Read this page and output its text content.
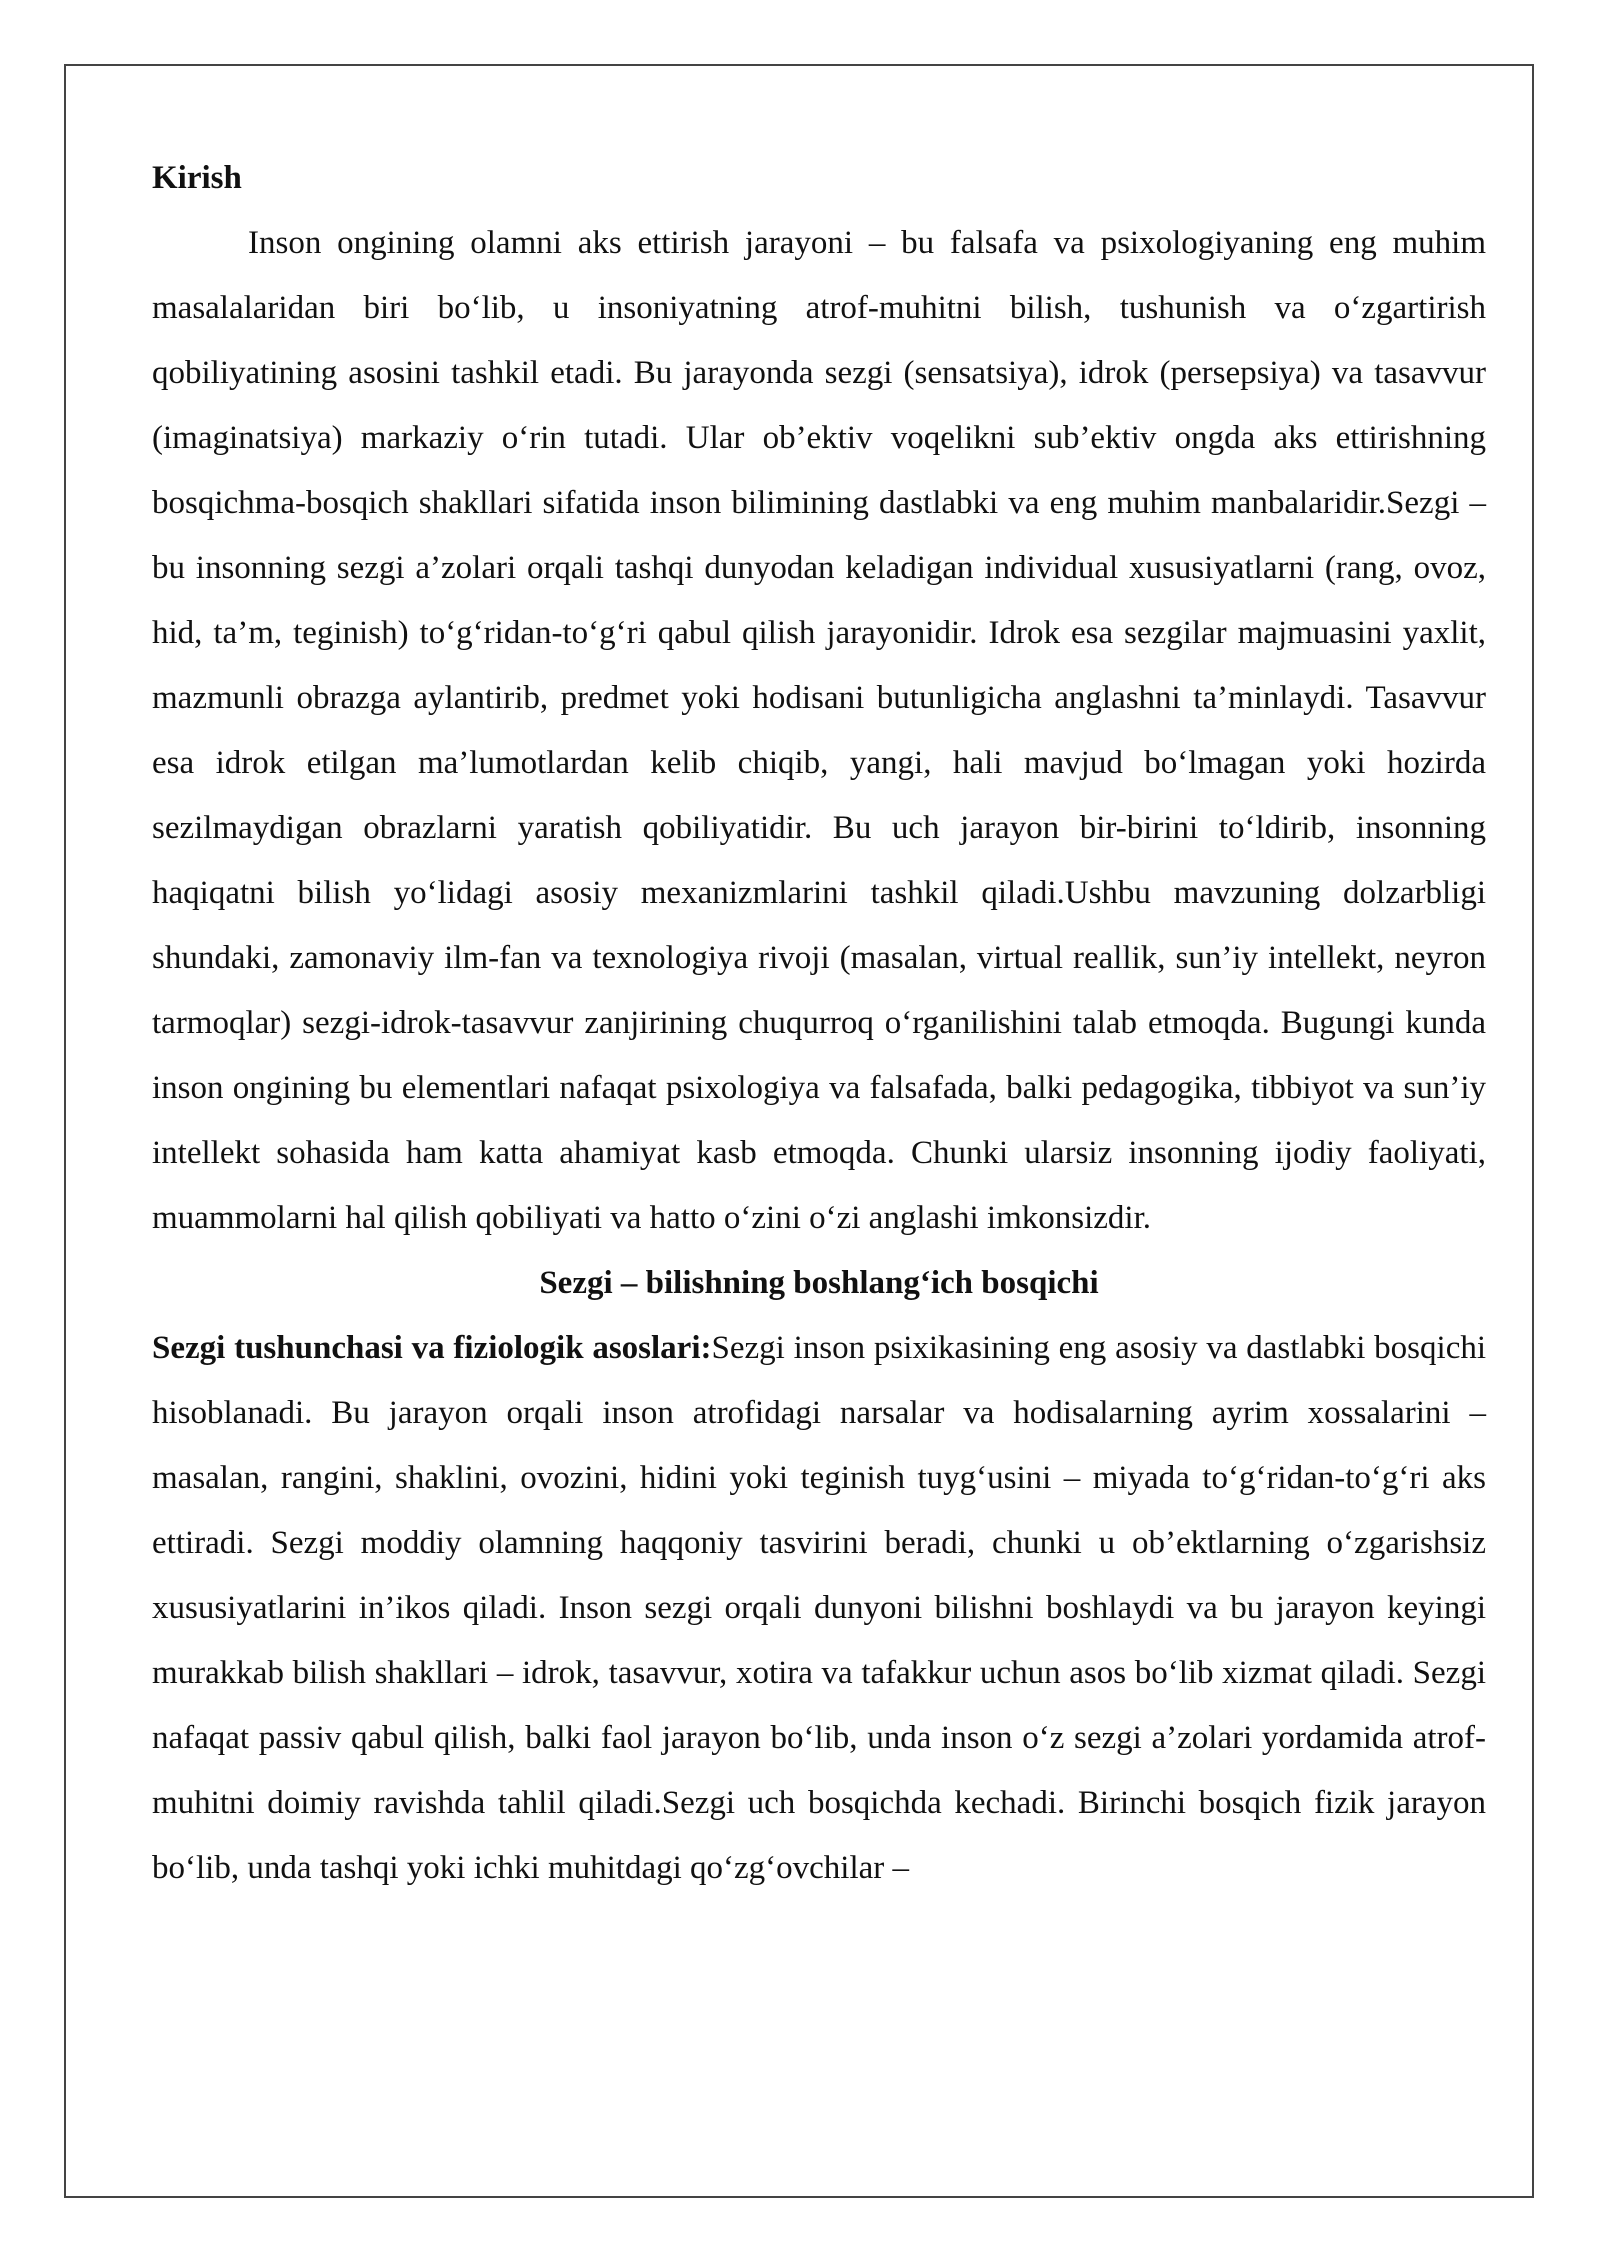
Kirish

Inson ongining olamni aks ettirish jarayoni – bu falsafa va psixologiyaning eng muhim masalalaridan biri bo‘lib, u insoniyatning atrof-muhitni bilish, tushunish va o‘zgartirish qobiliyatining asosini tashkil etadi. Bu jarayonda sezgi (sensatsiya), idrok (persepsiya) va tasavvur (imaginatsiya) markaziy o‘rin tutadi. Ular ob’ektiv voqelikni sub’ektiv ongda aks ettirishning bosqichma-bosqich shakllari sifatida inson bilimining dastlabki va eng muhim manbalaridir.Sezgi – bu insonning sezgi a’zolari orqali tashqi dunyodan keladigan individual xususiyatlarni (rang, ovoz, hid, ta’m, teginish) to‘g‘ridan-to‘g‘ri qabul qilish jarayonidir. Idrok esa sezgilar majmuasini yaxlit, mazmunli obrazga aylantirib, predmet yoki hodisani butunligicha anglashni ta’minlaydi. Tasavvur esa idrok etilgan ma’lumotlardan kelib chiqib, yangi, hali mavjud bo‘lmagan yoki hozirda sezilmaydigan obrazlarni yaratish qobiliyatidir. Bu uch jarayon bir-birini to‘ldirib, insonning haqiqatni bilish yo‘lidagi asosiy mexanizmlarini tashkil qiladi.Ushbu mavzuning dolzarbligi shundaki, zamonaviy ilm-fan va texnologiya rivoji (masalan, virtual reallik, sun’iy intellekt, neyron tarmoqlar) sezgi-idrok-tasavvur zanjirining chuqurroq o‘rganilishini talab etmoqda. Bugungi kunda inson ongining bu elementlari nafaqat psixologiya va falsafada, balki pedagogika, tibbiyot va sun’iy intellekt sohasida ham katta ahamiyat kasb etmoqda. Chunki ularsiz insonning ijodiy faoliyati, muammolarni hal qilish qobiliyati va hatto o‘zini o‘zi anglashi imkonsizdir.

Sezgi – bilishning boshlang‘ich bosqichi

Sezgi tushunchasi va fiziologik asoslari:Sezgi inson psixikasining eng asosiy va dastlabki bosqichi hisoblanadi. Bu jarayon orqali inson atrofidagi narsalar va hodisalarning ayrim xossalarini – masalan, rangini, shaklini, ovozini, hidini yoki teginish tuyg‘usini – miyada to‘g‘ridan-to‘g‘ri aks ettiradi. Sezgi moddiy olamning haqqoniy tasvirini beradi, chunki u ob’ektlarning o‘zgarishsiz xususiyatlarini in’ikos qiladi. Inson sezgi orqali dunyoni bilishni boshlaydi va bu jarayon keyingi murakkab bilish shakllari – idrok, tasavvur, xotira va tafakkur uchun asos bo‘lib xizmat qiladi. Sezgi nafaqat passiv qabul qilish, balki faol jarayon bo‘lib, unda inson o‘z sezgi a’zolari yordamida atrof-muhitni doimiy ravishda tahlil qiladi.Sezgi uch bosqichda kechadi. Birinchi bosqich fizik jarayon bo‘lib, unda tashqi yoki ichki muhitdagi qo‘zg‘ovchilar –
